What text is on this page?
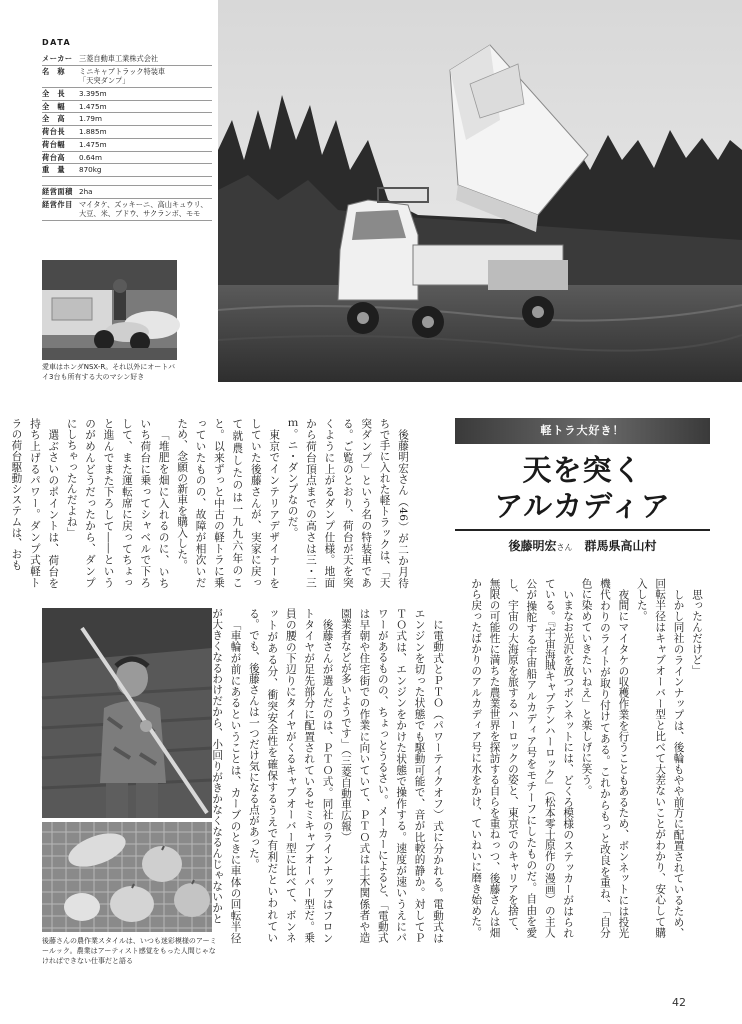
DATA
メーカー 三菱自動車工業株式会社
名　称	ミニキャブトラック特装車
「天突ダンプ」
全　長	3.395m
全　幅	1.475m
全　高	1.79m
荷台長	1.885m
荷台幅	1.475m
荷台高	0.64m
重　量	870kg
経営面積 2ha
経営作目 マイタケ、ズッキーニ、高山キュウリ、大豆、米、ブドウ、サクランボ、モモ
愛車はホンダNSX-R。それ以外にオートバイ3台も所有する大のマシン好き

後藤明宏さん（46）が二か月待ちで手に入れた軽トラックは、「天突ダンプ」という名の特装車である。ご覧のとおり、荷台が天を突くように上がるダンプ仕様。地面から荷台頂点までの高さは三・三ｍ。ニ・ダンプなのだ。

東京でインテリアデザイナーをしていた後藤さんが、実家に戻って就農したのは一九九六年のこと。以来ずっと中古の軽トラに乗っていたものの、故障が相次いだため、念願の新車を購入した。

「堆肥を畑に入れるのに、いちいち荷台に乗ってシャベルで下ろして、また運転席に戻ってちょっと進んでまた下ろして――というのがめんどうだったから、ダンプにしちゃったんだよね」

選ぶさいのポイントは、荷台を持ち上げるパワー。ダンプ式軽トラの荷台駆動システムは、おも	軽トラ大好き！
天を突く
アルカディア
後藤明宏さん 群馬県高山村
後藤さんの農作業スタイルは、いつも迷彩模様のアーミールック。農業はアーティスト感覚をもった人間じゃなければできない仕事だと語る

に電動式とＰＴＯ（パワーテイクオフ）式に分かれる。電動式はエンジンを切った状態でも駆動可能で、音が比較的静か。対してＰＴＯ式は、エンジンをかけた状態で操作する。速度が速いうえにパワーがあるものの、ちょっとうるさい。メーカーによると、「電動式は早朝や住宅街での作業に向いていて、ＰＴＯ式は土木関係者や造園業者などが多いようです」（三菱自動車広報）

後藤さんが選んだのは、ＰＴＯ式。同社のラインナップはフロントタイヤが足先部分に配置されているセミキャブオーバー型だ。乗員の腰の下辺りにタイヤがくるキャブオーバー型に比べて、ボンネットがある分、衝突安全性を確保するうえで有利だといわれている。でも、後藤さんは一つだけ気になる点があった。

「車輪が前にあるということは、カーブのときに車体の回転半径が大きくなるわけだから、小回りがきかなくなるんじゃないかと	思ったんだけど」

しかし同社のラインナップは、後輪もやや前方に配置されているため、回転半径はキャブオーバー型と比べて大差ないことがわかり、安心して購入した。

夜間にマイタケの収穫作業を行うこともあるため、ボンネットには投光機代わりのライトが取り付けてある。これからもっと改良を重ね、「自分色に染めていきたいねえ」と楽しげに笑う。

いまなお光沢を放つボンネットには、どくろ模様のステッカーがはられている。『宇宙海賊キャプテンハーロック』（松本零士原作の漫画）の主人公が操舵する宇宙船アルカディア号をモチーフにしたものだ。自由を愛し、宇宙の大海原を旅するハーロックの姿と、東京でのキャリアを捨て、無限の可能性に満ちた農業世界を探訪する自らを重ねっつ、後藤さんは畑から戻ったばかりのアルカディア号に水をかけ、ていねいに磨き始めた。

42
